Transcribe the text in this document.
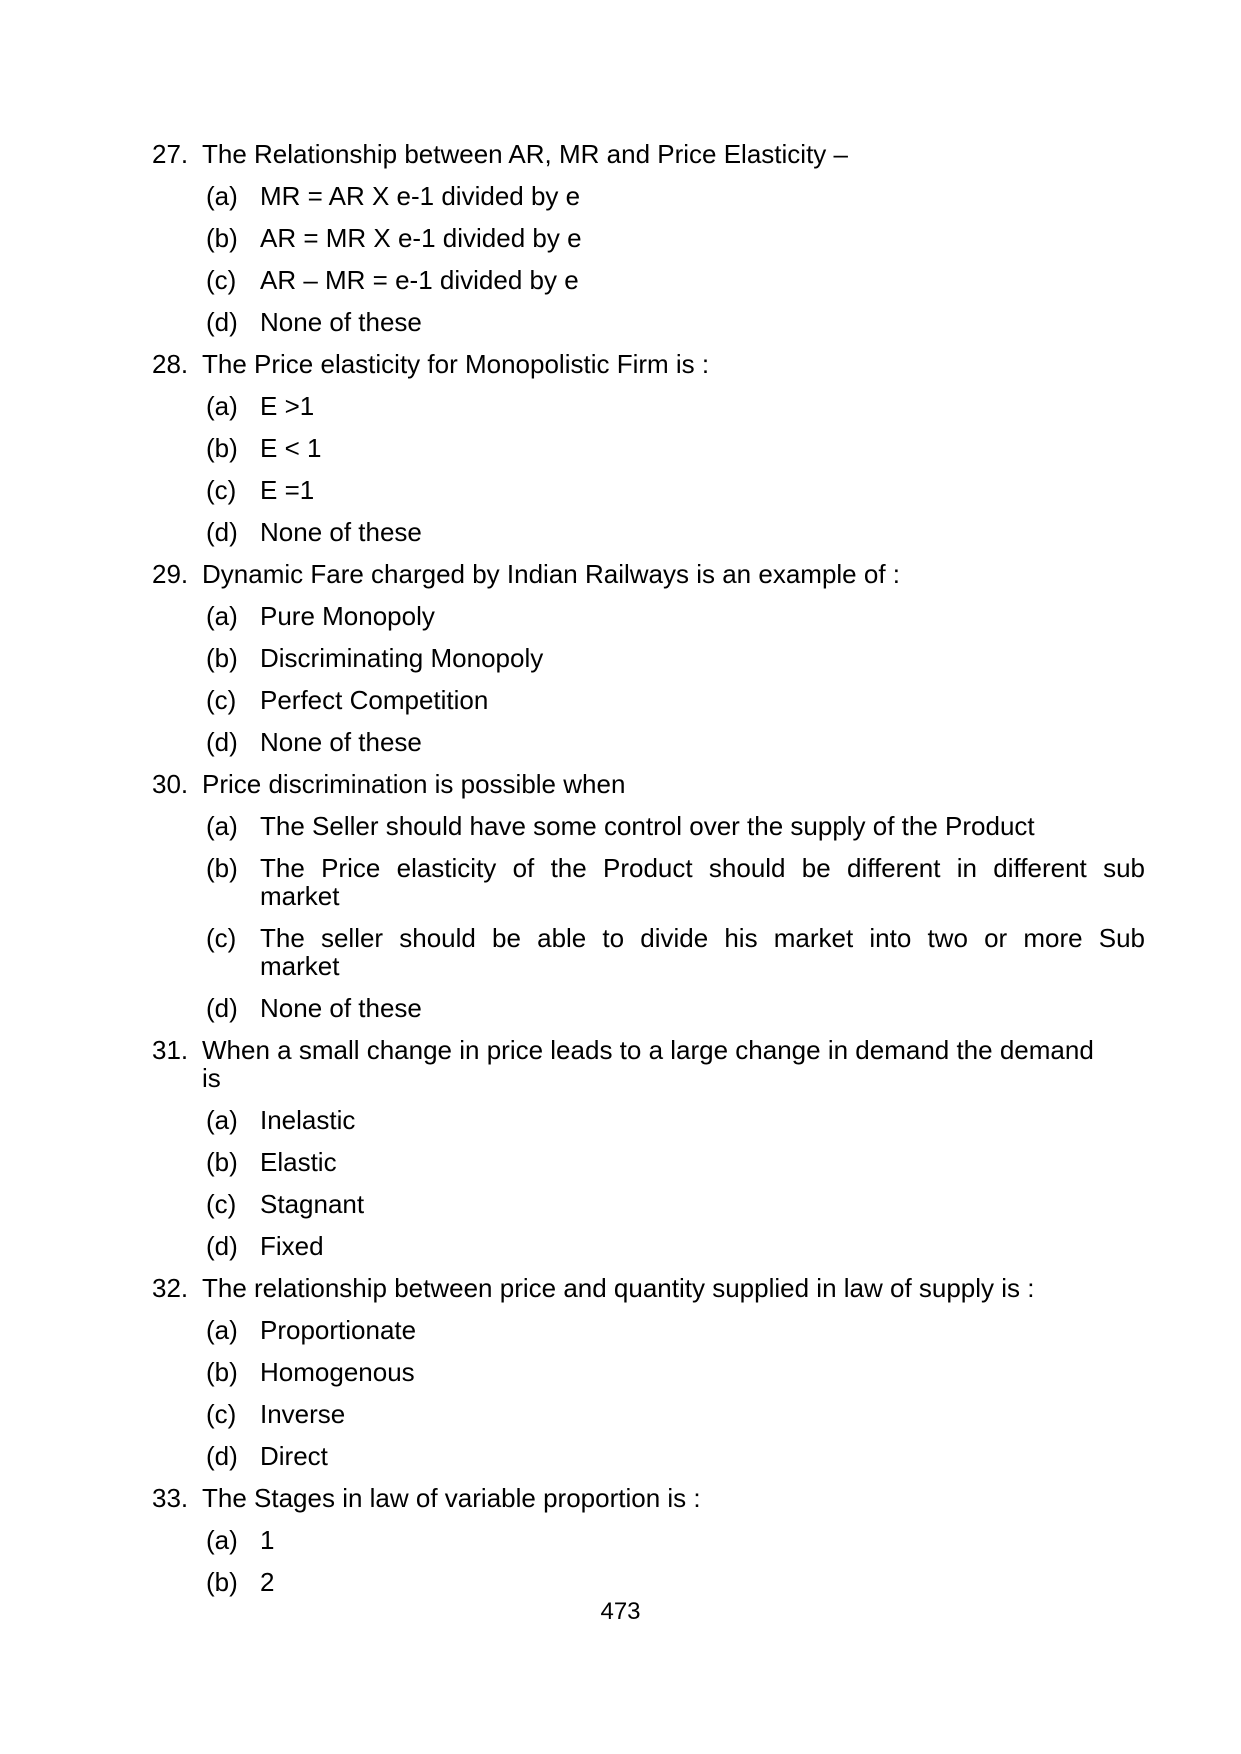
27. The Relationship between AR, MR and Price Elasticity –
(a) MR = AR X e-1 divided by e
(b) AR = MR X e-1 divided by e
(c) AR – MR = e-1 divided by e
(d) None of these
28. The Price elasticity for Monopolistic Firm is :
(a) E >1
(b) E < 1
(c) E =1
(d) None of these
29. Dynamic Fare charged by Indian Railways is an example of :
(a) Pure Monopoly
(b) Discriminating Monopoly
(c) Perfect Competition
(d) None of these
30. Price discrimination is possible when
(a) The Seller should have some control over the supply of the Product
(b) The Price elasticity of the Product should be different in different sub
market
(c) The seller should be able to divide his market into two or more Sub
market
(d) None of these
31. When a small change in price leads to a large change in demand the demand
is
(a) Inelastic
(b) Elastic
(c) Stagnant
(d) Fixed
32. The relationship between price and quantity supplied in law of supply is :
(a) Proportionate
(b) Homogenous
(c) Inverse
(d) Direct
33. The Stages in law of variable proportion is :
(a) 1
(b) 2
473
